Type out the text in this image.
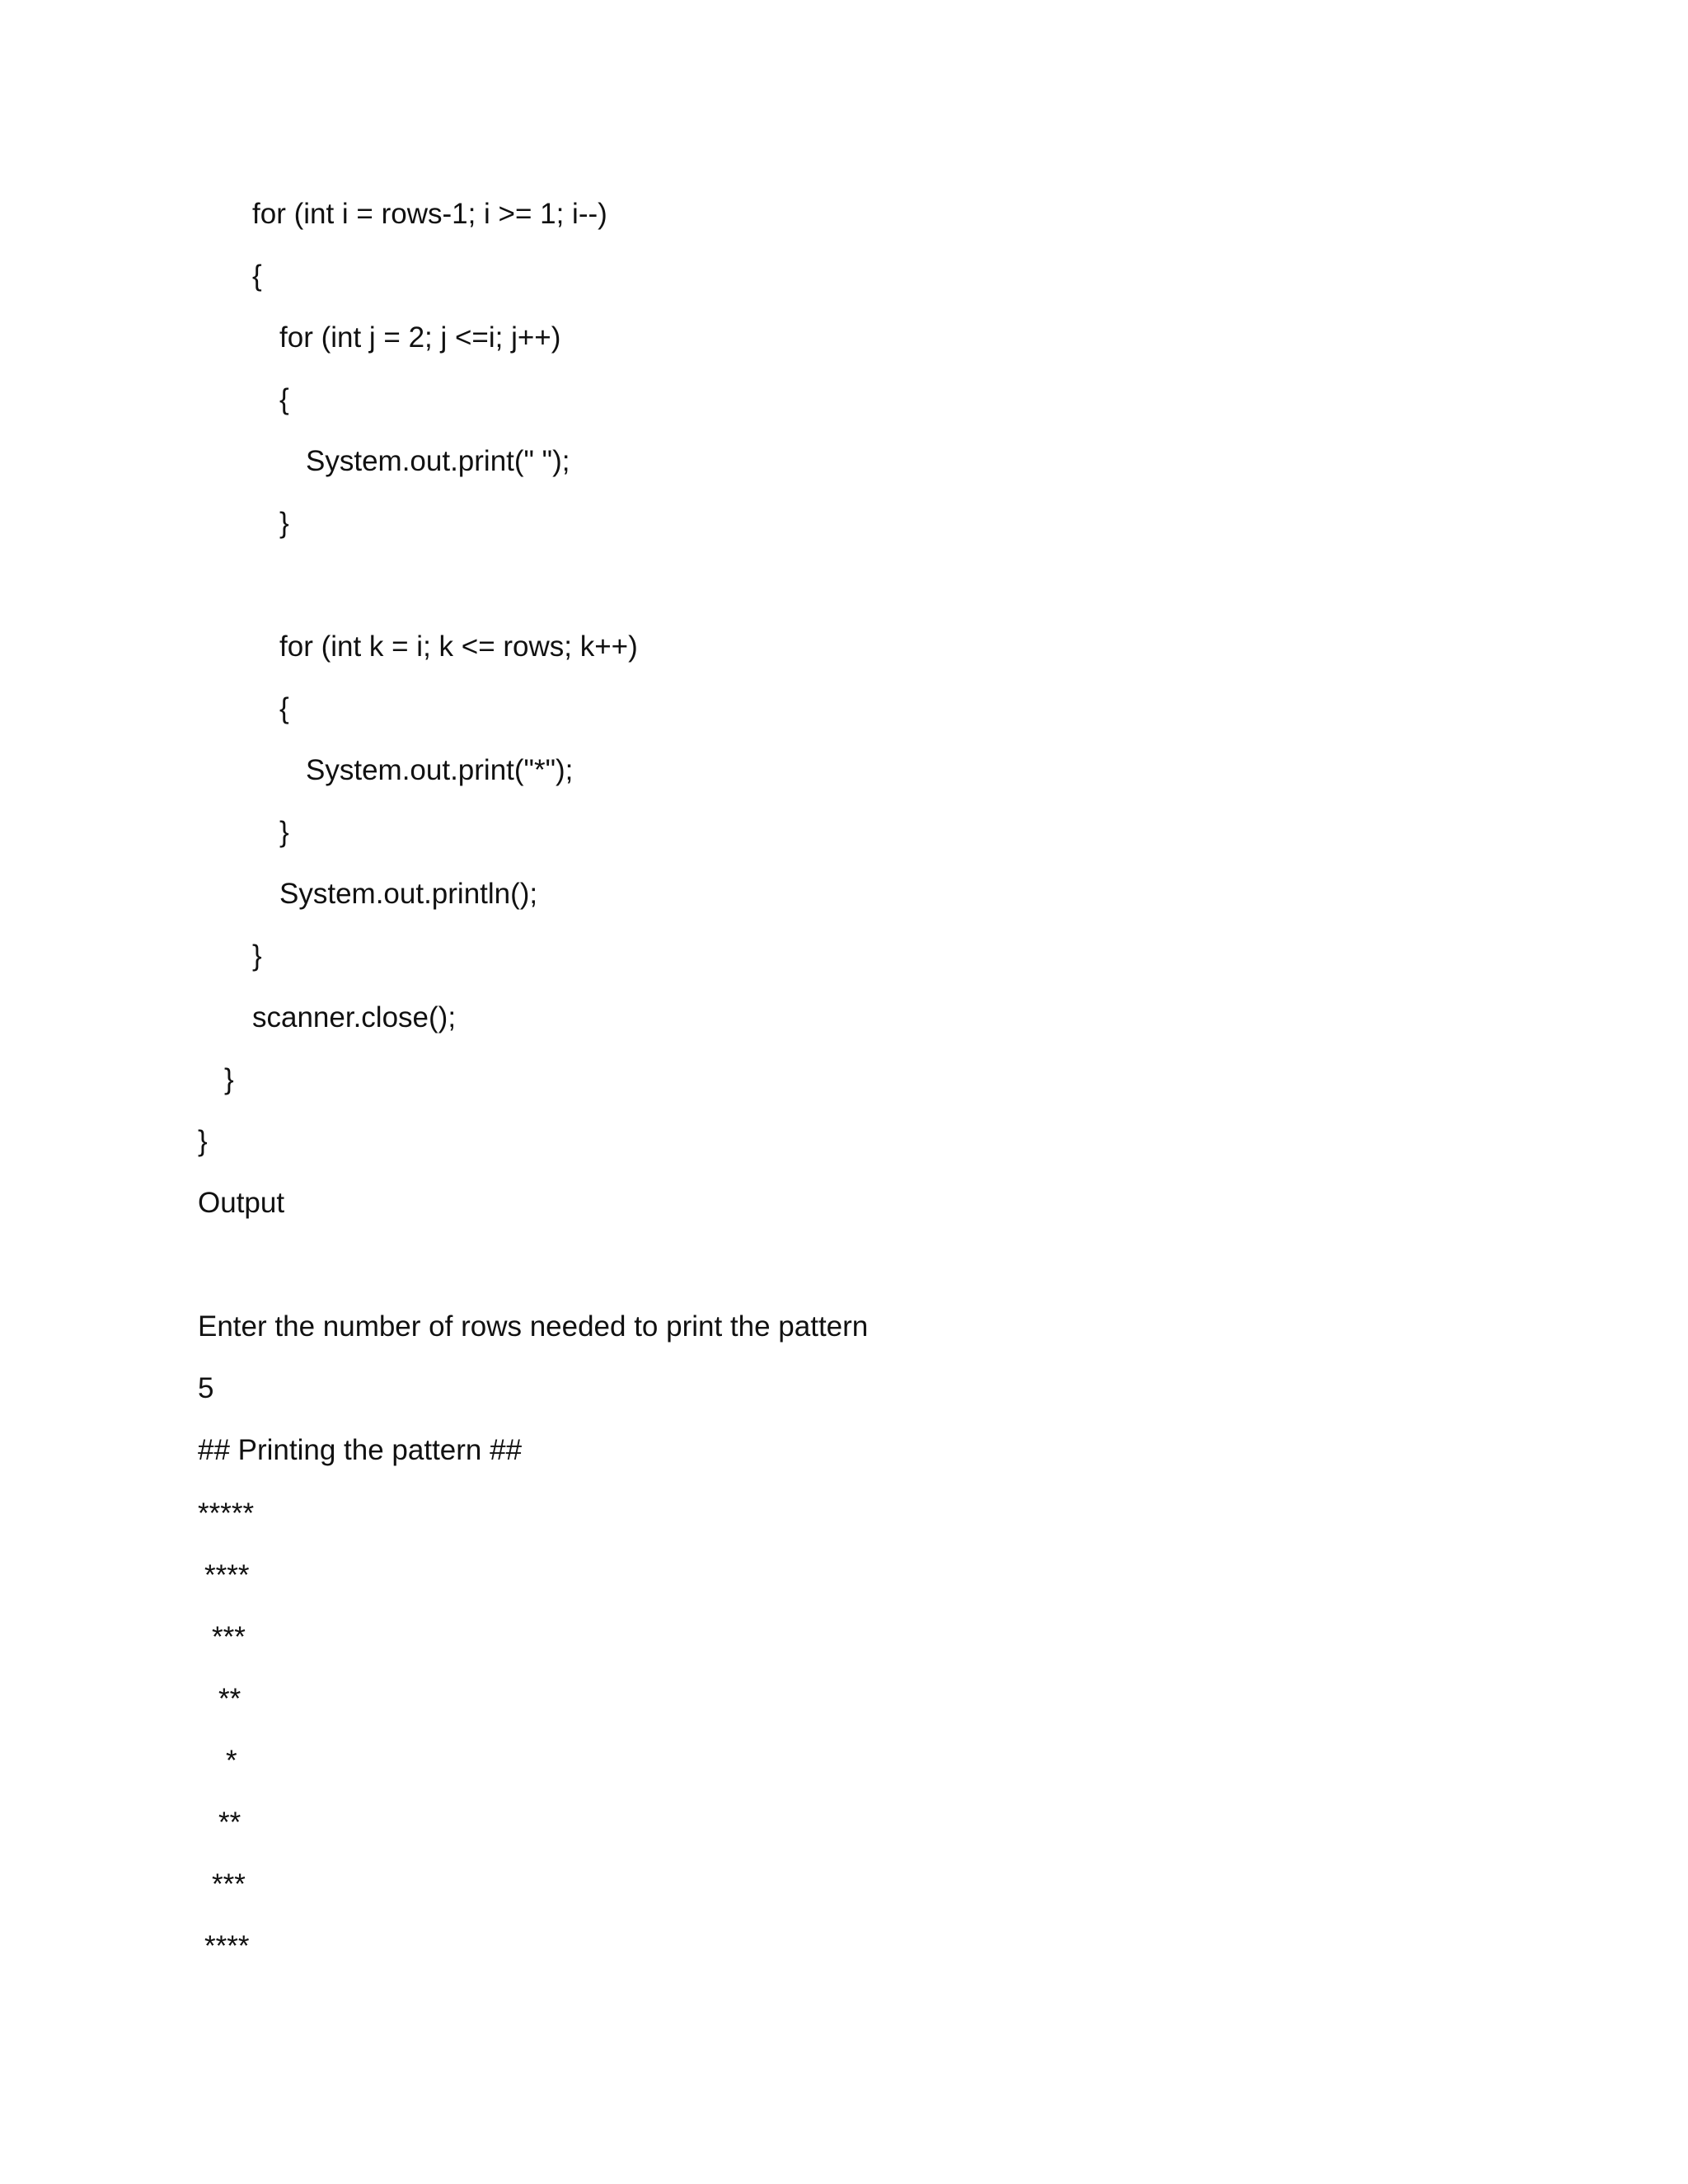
for (int i = rows-1; i >= 1; i--)

{

for (int j = 2; j <=i; j++)

{

System.out.print(" ");

}

for (int k = i; k <= rows; k++)

{

System.out.print("*");

}

System.out.println();

}

scanner.close();

}

}

Output

Enter the number of rows needed to print the pattern

5

## Printing the pattern ##

*****

****

***

**

*

**

***

****
